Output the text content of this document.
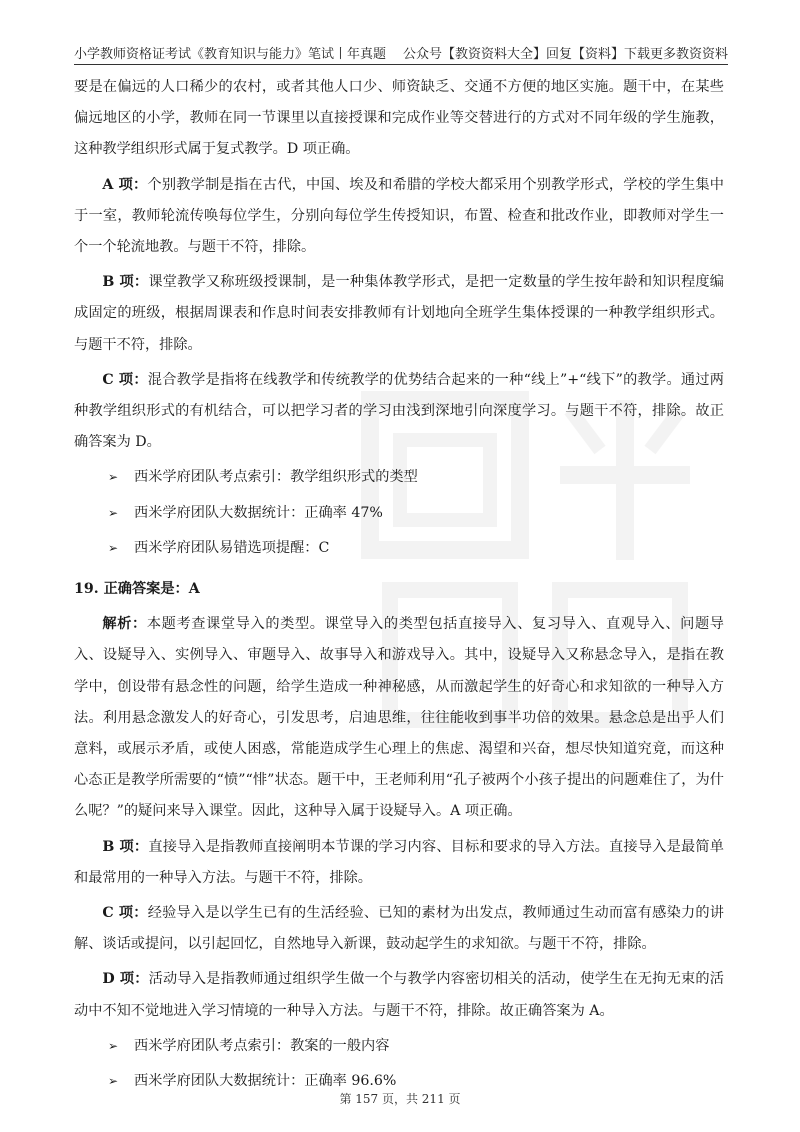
小学教师资格证考试《教育知识与能力》笔试丨年真题 公众号【教资资料大全】回复【资料】下载更多教资资料

要是在偏远的人口稀少的农村，或者其他人口少、师资缺乏、交通不方便的地区实施。题干中，在某些偏远地区的小学，教师在同一节课里以直接授课和完成作业等交替进行的方式对不同年级的学生施教，这种教学组织形式属于复式教学。D 项正确。

A 项：个别教学制是指在古代，中国、埃及和希腊的学校大都采用个别教学形式，学校的学生集中于一室，教师轮流传唤每位学生，分别向每位学生传授知识，布置、检查和批改作业，即教师对学生一个一个轮流地教。与题干不符，排除。

B 项：课堂教学又称班级授课制，是一种集体教学形式，是把一定数量的学生按年龄和知识程度编成固定的班级，根据周课表和作息时间表安排教师有计划地向全班学生集体授课的一种教学组织形式。与题干不符，排除。

C 项：混合教学是指将在线教学和传统教学的优势结合起来的一种“线上”+“线下”的教学。通过两种教学组织形式的有机结合，可以把学习者的学习由浅到深地引向深度学习。与题干不符，排除。故正确答案为 D。

➢ 西米学府团队考点索引：教学组织形式的类型

➢ 西米学府团队大数据统计：正确率 47%

➢ 西米学府团队易错选项提醒：C

19. 正确答案是：A

解析：本题考查课堂导入的类型。课堂导入的类型包括直接导入、复习导入、直观导入、问题导入、设疑导入、实例导入、审题导入、故事导入和游戏导入。其中，设疑导入又称悬念导入，是指在教学中，创设带有悬念性的问题，给学生造成一种神秘感，从而激起学生的好奇心和求知欲的一种导入方法。利用悬念激发人的好奇心，引发思考，启迪思维，往往能收到事半功倍的效果。悬念总是出乎人们意料，或展示矛盾，或使人困惑，常能造成学生心理上的焦虑、渴望和兴奋，想尽快知道究竟，而这种心态正是教学所需要的“愤”“悱”状态。题干中，王老师利用“孔子被两个小孩子提出的问题难住了，为什么呢？”的疑问来导入课堂。因此，这种导入属于设疑导入。A 项正确。

B 项：直接导入是指教师直接阐明本节课的学习内容、目标和要求的导入方法。直接导入是最简单和最常用的一种导入方法。与题干不符，排除。

C 项：经验导入是以学生已有的生活经验、已知的素材为出发点，教师通过生动而富有感染力的讲解、谈话或提问，以引起回忆，自然地导入新课，鼓动起学生的求知欲。与题干不符，排除。

D 项：活动导入是指教师通过组织学生做一个与教学内容密切相关的活动，使学生在无拘无束的活动中不知不觉地进入学习情境的一种导入方法。与题干不符，排除。故正确答案为 A。

➢ 西米学府团队考点索引：教案的一般内容

➢ 西米学府团队大数据统计：正确率 96.6%

第 157 页，共 211 页
